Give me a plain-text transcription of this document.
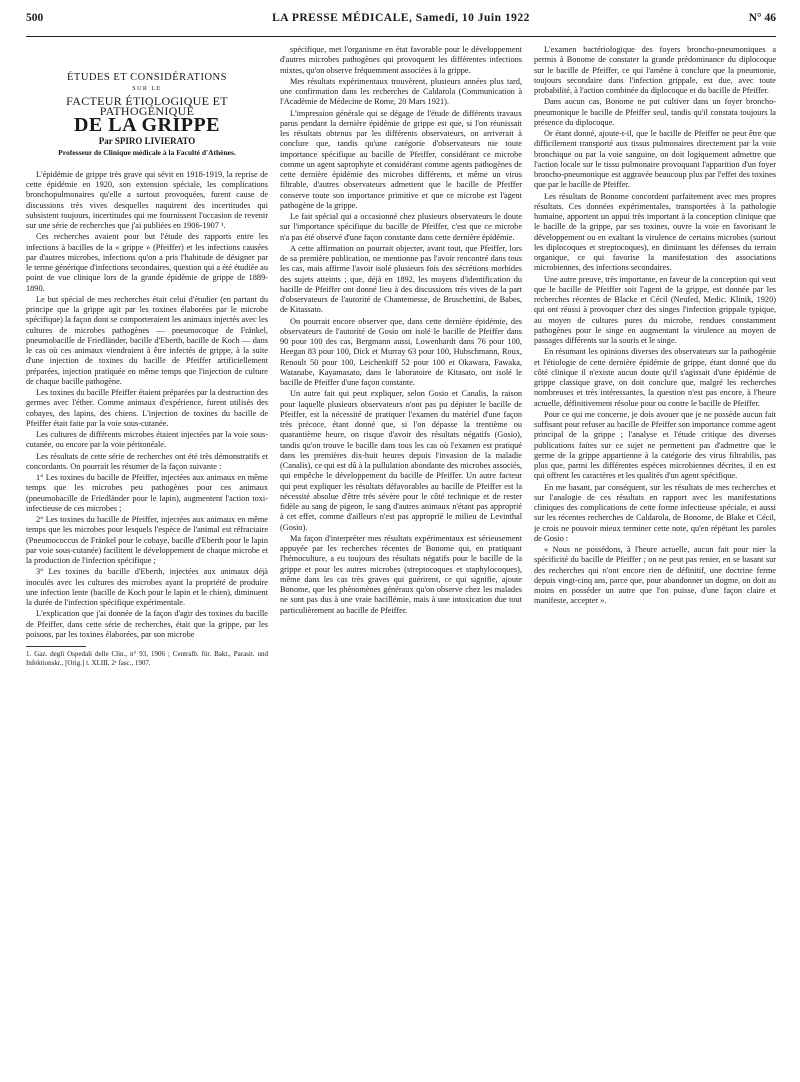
500	LA PRESSE MÉDICALE, Samedi, 10 Juin 1922	N° 46
ÉTUDES ET CONSIDÉRATIONS
SUR LE
FACTEUR ÉTIOLOGIQUE ET PATHOGÉNIQUE
DE LA GRIPPE
Par SPIRO LIVIERATO
Professeur de Clinique médicale à la Faculté d'Athènes.

L'épidémie de grippe très grave qui sévit en 1918-1919, la reprise de cette épidémie en 1920, son extension spéciale, les complications bronchopulmonaires qu'elle a surtout provoquées, furent cause de discussions très vives desquelles naquirent des incertitudes qui subsistent toujours, incertitudes qui me fournissent l'occasion de revenir sur une série de recherches que j'ai publiées en 1906-1907 ¹.

Ces recherches avaient pour but l'étude des rapports entre les infections à bacilles de la « grippe » (Pfeiffer) et les infections causées par d'autres microbes, infections qu'on a pris l'habitude de désigner par le terme générique d'infections secondaires, question qui a été étudiée au point de vue clinique lors de la grande épidémie de grippe de 1889-1890.

Le but spécial de mes recherches était celui d'étudier (en partant du principe que la grippe agit par les toxines élaborées par le microbe spécifique) la façon dont se comporteraient les animaux injectés avec les cultures de microbes pathogènes — pneumocoque de Fränkel, pneumobacille de Friedländer, bacille d'Eberth, bacille de Koch — dans le cas où ces animaux viendraient à être infectés de grippe, à la suite d'une injection de toxines du bacille de Pfeiffer artificiellement préparées, injection pratiquée en même temps que l'injection de culture de chaque bacille pathogène.

Les toxines du bacille Pfeiffer étaient préparées par la destruction des germes avec l'éther. Comme animaux d'expérience, furent utilisés des cobayes, des lapins, des chiens. L'injection de toxines du bacille de Pfeiffer était faite par la voie sous-cutanée.

Les cultures de différents microbes étaient injectées par la voie sous-cutanée, ou encore par la voie péritonéale.

Les résultats de cette série de recherches ont été très démonstratifs et concordants. On pourrait les résumer de la façon suivante :

1° Les toxines du bacille de Pfeiffer, injectées aux animaux en même temps que les microbes peu pathogènes pour ces animaux (pneumobacille de Friedländer pour le lapin), augmentent l'action toxi-infectieuse de ces microbes ;

2° Les toxines du bacille de Pfeiffer, injectées aux animaux en même temps que les microbes pour lesquels l'espèce de l'animal est réfractaire (Pneumococcus de Fränkel pour le cobaye, bacille d'Eberth pour le lapin par voie sous-cutanée) facilitent le développement de chaque microbe et la production de l'infection spécifique ;

3° Les toxines du bacille d'Eberth, injectées aux animaux déjà inoculés avec les cultures des microbes ayant la propriété de produire une infection lente (bacille de Koch pour le lapin et le chien), diminuent la durée de l'infection spécifique expérimentale.

L'explication que j'ai donnée de la façon d'agir des toxines du bacille de Pfeiffer, dans cette série de recherches, était que la grippe, par les poisons, par les toxines élaborées, par son microbe

1. Gaz. degli Ospedali delle Clin., n° 93, 1906 ; Centralb. für. Bakt., Parasit. und Infektionskr., [Orig.] t. XLIII, 2ᵉ fasc., 1907.

spécifique, met l'organisme en état favorable pour le développement d'autres microbes pathogènes qui provoquent les différentes infections mixtes, qu'on observe fréquemment associées à la grippe.

Mes résultats expérimentaux trouvèrent, plusieurs années plus tard, une confirmation dans les recherches de Caldarola (Communication à l'Académie de Médecine de Rome, 20 Mars 1921).

L'impression générale qui se dégage de l'étude de différents travaux parus pendant la dernière épidémie de grippe est que, si l'on réunissait les résultats obtenus par les différents observateurs, on arriverait à conclure que, tandis qu'une catégorie d'observateurs nie toute importance spécifique au bacille de Pfeiffer, considérant ce microbe comme un agent saprophyte et considérant comme agents pathogènes de cette dernière épidémie des microbes différents, et même un virus filtrable, d'autres observateurs admettent que le bacille de Pfeiffer conserve toute son importance primitive et que ce microbe est l'agent pathogène de la grippe.

Le fait spécial qui a occasionné chez plusieurs observateurs le doute sur l'importance spécifique du bacille de Pfeiffer, c'est que ce microbe n'a pas été observé d'une façon constante dans cette dernière épidémie.

A cette affirmation on pourrait objecter, avant tout, que Pfeiffer, lors de sa première publication, ne mentionne pas l'avoir rencontré dans tous les cas, mais affirme l'avoir isolé plusieurs fois des sécrétions morbides des sujets atteints ; que, déjà en 1892, les moyens d'identification du bacille de Pfeiffer ont donné lieu à des discussions très vives de la part d'observateurs de l'autorité de Chantemesse, de Bruschettini, de Babes, de Kitassato.

On pourrait encore observer que, dans cette dernière épidémie, des observateurs de l'autorité de Gosio ont isolé le bacille de Pfeiffer dans 90 pour 100 des cas, Bergmann aussi, Lowenhardt dans 76 pour 100, Heegan 83 pour 100, Dick et Murray 63 pour 100, Hubschmann, Roux, Renoult 50 pour 100, Leichenkiff 52 pour 100 et Okawara, Fawaka, Watanabe, Kayamasato, dans le laboratoire de Kitasato, ont isolé le bacille de Pfeiffer d'une façon constante.

Un autre fait qui peut expliquer, selon Gosio et Canalis, la raison pour laquelle plusieurs observateurs n'ont pas pu dépister le bacille de Pfeiffer, est la nécessité de pratiquer l'examen du matériel d'une façon très précoce, étant donné que, si l'on dépasse la trentième ou quarantième heure, on risque d'avoir des résultats négatifs (Gosio), tandis qu'on trouve le bacille dans tous les cas où l'examen est pratiqué dans les premières dix-huit heures depuis l'invasion de la maladie (Canalis), ce qui est dû à la pullulation abondante des microbes associés, qui empêche le développement du bacille de Pfeiffer. Un autre facteur qui peut expliquer les résultats défavorables au bacille de Pfeiffer est la nécessité absolue d'être très sévère pour le côté technique et de rester fidèle au sang de pigeon, le sang d'autres animaux n'étant pas approprié à cet effet, comme d'ailleurs n'est pas approprié le milieu de Levinthal (Gosio).

Ma façon d'interpréter mes résultats expérimentaux est sérieusement appuyée par les recherches récentes de Bonome qui, en pratiquant l'hémoculture, a eu toujours des résultats négatifs pour le bacille de la grippe et pour les autres microbes (streptocoques et staphylocoques), même dans les cas très graves qui guérirent, ce qui signifie, ajoute Bonome, que les phénomènes généraux qu'on observe chez les malades ne sont pas dus à une vraie bacillémie, mais à une intoxication due tout particulièrement au bacille de Pfeiffer.

L'examen bactériologique des foyers broncho-pneumoniques a permis à Bonome de constater la grande prédominance du diplocoque sur le bacille de Pfeiffer, ce qui l'amène à conclure que la pneumonie, toujours secondaire dans l'infection grippale, est due, avec toute probabilité, à l'action combinée du diplocoque et du bacille de Pfeiffer.

Dans aucun cas, Bonome ne put cultiver dans un foyer broncho-pneumonique le bacille de Pfeiffer seul, tandis qu'il constata toujours la présence du diplocoque.

Or étant donné, ajoute-t-il, que le bacille de Pfeiffer ne peut être que difficilement transporté aux tissus pulmonaires directement par la voie bronchique ou par la voie sanguine, on doit logiquement admettre que l'action locale sur le tissu pulmonaire provoquant l'apparition d'un foyer broncho-pneumonique est aggravée beaucoup plus par l'effet des toxines que par le bacille de Pfeiffer.

Les résultats de Bonome concordent parfaitement avec mes propres résultats. Ces données expérimentales, transportées à la pathologie humaine, apportent un appui très important à la conception clinique que le bacille de la grippe, par ses toxines, ouvre la voie en favorisant le développement ou en exaltant la virulence de certains microbes (surtout les diplocoques et streptocoques), en diminuant les défenses du terrain organique, ce qui favorise la manifestation des associations microbiennes, des infections secondaires.

Une autre preuve, très importante, en faveur de la conception qui veut que le bacille de Pfeiffer soit l'agent de la grippe, est donnée par les recherches récentes de Blacke et Cécil (Neufed, Medic. Klinik, 1920) qui ont réussi à provoquer chez des singes l'infection grippale typique, au moyen de cultures pures du microbe, rendues constamment pathogènes pour le singe en augmentant la virulence au moyen de passages différents sur la souris et le singe.

En résumant les opinions diverses des observateurs sur la pathogénie et l'étiologie de cette dernière épidémie de grippe, étant donné que du côté clinique il n'existe aucun doute qu'il s'agissait d'une épidémie de grippe classique grave, on doit conclure que, malgré les recherches nombreuses et très intéressantes, la question n'est pas encore, à l'heure actuelle, définitivement résolue pour ou contre le bacille de Pfeiffer.

Pour ce qui me concerne, je dois avouer que je ne possède aucun fait suffisant pour refuser au bacille de Pfeiffer son importance comme agent principal de la grippe ; l'analyse et l'étude critique des diverses publications faites sur ce sujet ne permettent pas d'admettre que le germe de la grippe appartienne à la catégorie des virus filtrabilis, pas plus que, parmi les différentes espèces microbiennes décrites, il en est qui offrent les caractères et les qualités d'un agent spécifique.

En me basant, par conséquent, sur les résultats de mes recherches et sur l'analogie de ces résultats en rapport avec les manifestations cliniques des complications de cette forme infectieuse spéciale, et aussi sur les récentes recherches de Caldarola, de Bonome, de Blake et Cécil, je crois ne pouvoir mieux terminer cette note, qu'en répétant les paroles de Gosio :

« Nous ne possédons, à l'heure actuelle, aucun fait pour nier la spécificité du bacille de Pfeiffer ; on ne peut pas renier, en se basant sur des recherches qui n'ont encore rien de définitif, une doctrine ferme depuis vingt-cinq ans, parce que, pour abandonner un dogme, on doit au moins en posséder un autre que l'on puisse, d'une façon claire et manifeste, accepter ».
